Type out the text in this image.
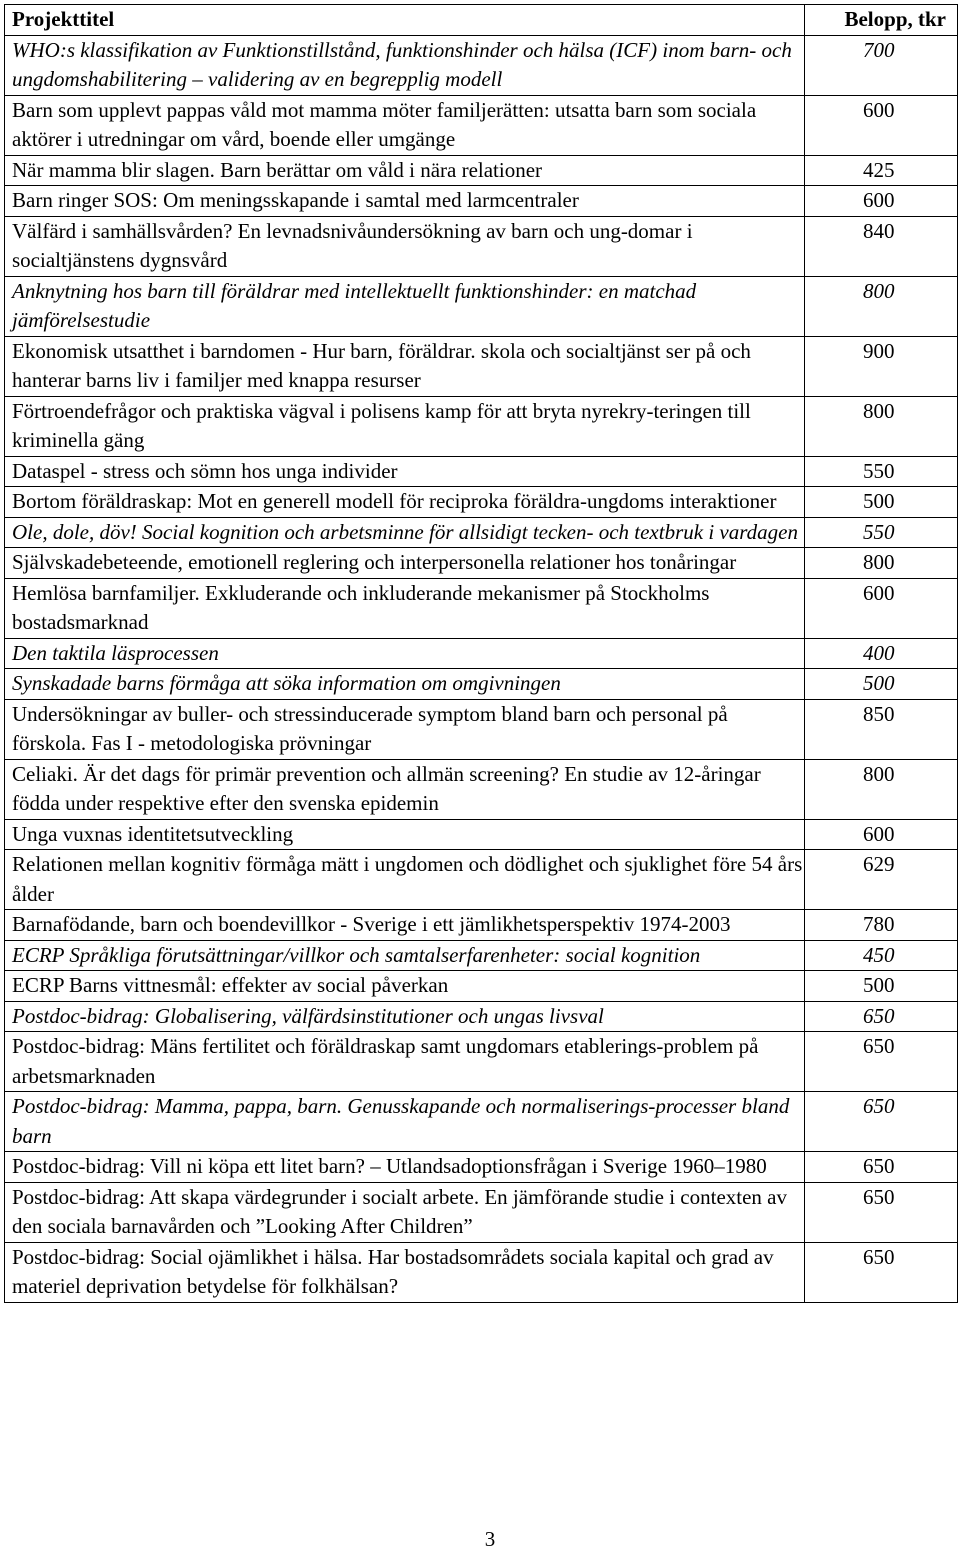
Projekttitel	Belopp, tkr
WHO:s klassifikation av Funktionstillstånd, funktionshinder och hälsa (ICF) inom barn- och ungdomshabilitering – validering av en begrepplig modell	700
Barn som upplevt pappas våld mot mamma möter familjerätten: utsatta barn som sociala aktörer i utredningar om vård, boende eller umgänge	600
När mamma blir slagen. Barn berättar om våld i nära relationer	425
Barn ringer SOS: Om meningsskapande i samtal med larmcentraler	600
Välfärd i samhällsvården? En levnadsnivåundersökning av barn och ung-domar i socialtjänstens dygnsvård	840
Anknytning hos barn till föräldrar med intellektuellt funktionshinder: en matchad jämförelsestudie	800
Ekonomisk utsatthet i barndomen - Hur barn, föräldrar. skola och socialtjänst ser på och hanterar barns liv i familjer med knappa resurser	900
Förtroendefrågor och praktiska vägval i polisens kamp för att bryta nyrekry-teringen till kriminella gäng	800
Dataspel - stress och sömn hos unga individer	550
Bortom föräldraskap: Mot en generell modell för reciproka föräldra-ungdoms interaktioner	500
Ole, dole, döv! Social kognition och arbetsminne för allsidigt tecken- och textbruk i vardagen	550
Självskadebeteende, emotionell reglering och interpersonella relationer hos tonåringar	800
Hemlösa barnfamiljer. Exkluderande och inkluderande mekanismer på Stockholms bostadsmarknad	600
Den taktila läsprocessen	400
Synskadade barns förmåga att söka information om omgivningen	500
Undersökningar av buller- och stressinducerade symptom bland barn och personal på förskola. Fas I - metodologiska prövningar	850
Celiaki. Är det dags för primär prevention och allmän screening? En studie av 12-åringar födda under respektive efter den svenska epidemin	800
Unga vuxnas identitetsutveckling	600
Relationen mellan kognitiv förmåga mätt i ungdomen och dödlighet och sjuklighet före 54 års ålder	629
Barnafödande, barn och boendevillkor - Sverige i ett jämlikhetsperspektiv 1974-2003	780
ECRP Språkliga förutsättningar/villkor och samtalserfarenheter: social kognition	450
ECRP Barns vittnesmål: effekter av social påverkan	500
Postdoc-bidrag: Globalisering, välfärdsinstitutioner och ungas livsval	650
Postdoc-bidrag: Mäns fertilitet och föräldraskap samt ungdomars etablerings-problem på arbetsmarknaden	650
Postdoc-bidrag: Mamma, pappa, barn. Genusskapande och normaliserings-processer bland barn	650
Postdoc-bidrag: Vill ni köpa ett litet barn? – Utlandsadoptionsfrågan i Sverige 1960–1980	650
Postdoc-bidrag: Att skapa värdegrunder i socialt arbete. En jämförande studie i contexten av den sociala barnavården och ”Looking After Children”	650
Postdoc-bidrag: Social ojämlikhet i hälsa. Har bostadsområdets sociala kapital och grad av materiel deprivation betydelse för folkhälsan?	650
3
